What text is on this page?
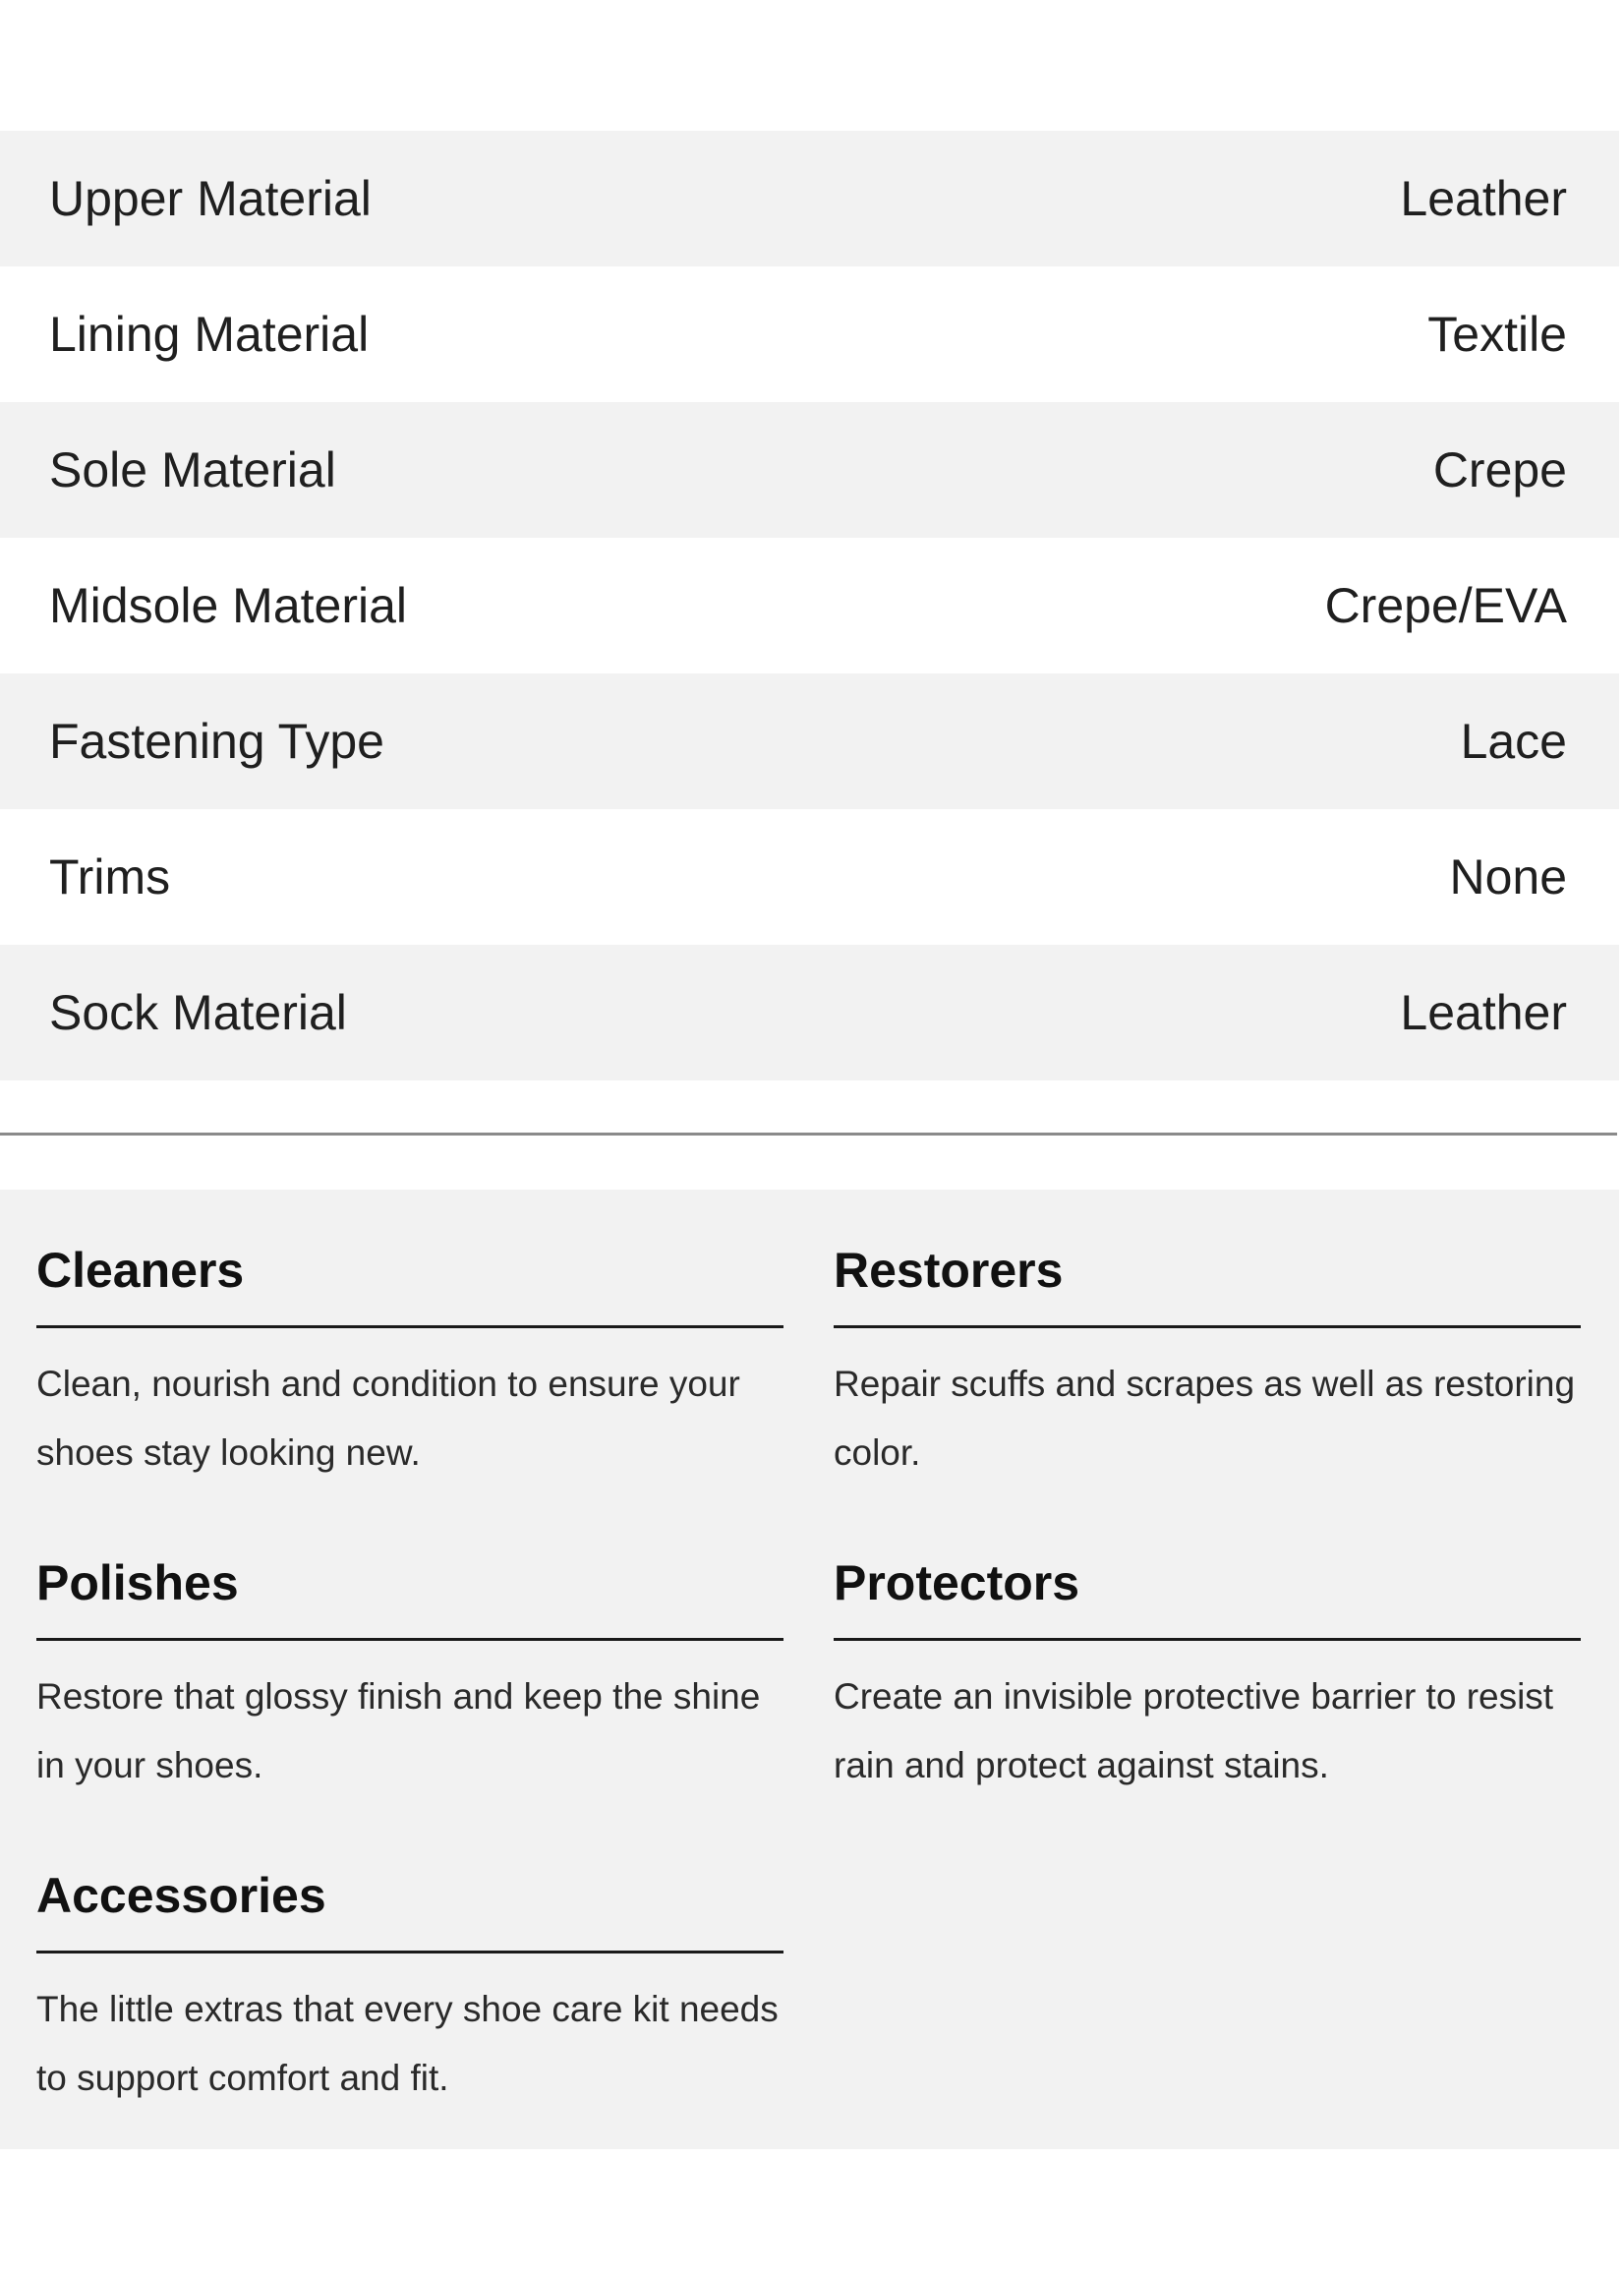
Upper Material	Leather
Lining Material	Textile
Sole Material	Crepe
Midsole Material	Crepe/EVA
Fastening Type	Lace
Trims	None
Sock Material	Leather
Cleaners

Clean, nourish and condition to ensure your shoes stay looking new.

Restorers

Repair scuffs and scrapes as well as restoring color.

Polishes

Restore that glossy finish and keep the shine in your shoes.

Protectors

Create an invisible protective barrier to resist rain and protect against stains.

Accessories

The little extras that every shoe care kit needs to support comfort and fit.
